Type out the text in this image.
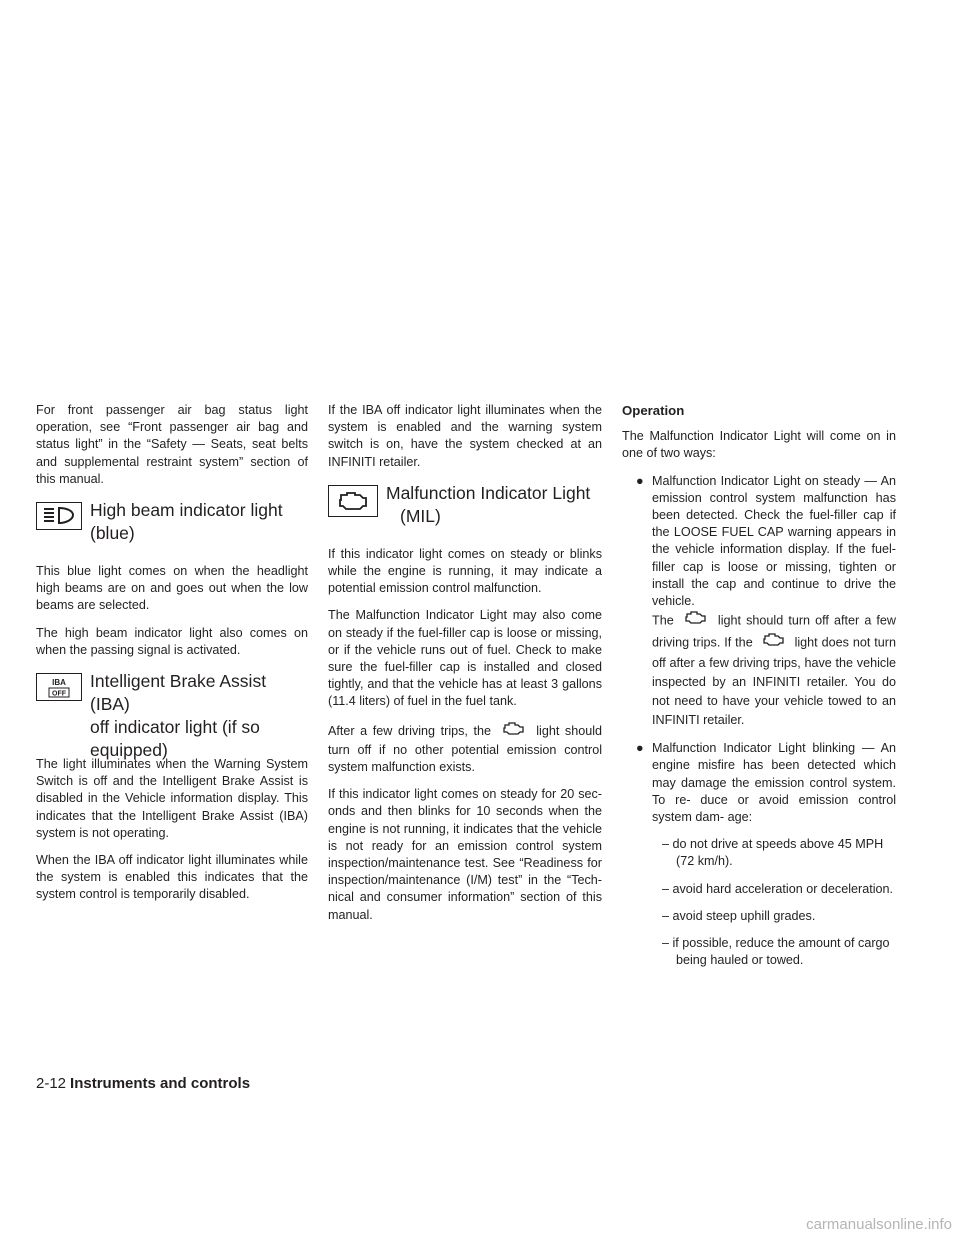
For front passenger air bag status light operation, see “Front passenger air bag and status light” in the “Safety — Seats, seat belts and supplemental restraint system” section of this manual.

High beam indicator light
(blue)

This blue light comes on when the headlight high beams are on and goes out when the low beams are selected.

The high beam indicator light also comes on when the passing signal is activated.

IBA
OFF
Intelligent Brake Assist (IBA)
off indicator light (if so
equipped)

The light illuminates when the Warning System Switch is off and the Intelligent Brake Assist is disabled in the Vehicle information display. This indicates that the Intelligent Brake Assist (IBA) system is not operating.

When the IBA off indicator light illuminates while the system is enabled this indicates that the system control is temporarily disabled.

If the IBA off indicator light illuminates when the system is enabled and the warning system switch is on, have the system checked at an INFINITI retailer.

Malfunction Indicator Light
(MIL)

If this indicator light comes on steady or blinks while the engine is running, it may indicate a potential emission control malfunction.

The Malfunction Indicator Light may also come on steady if the fuel-filler cap is loose or missing, or if the vehicle runs out of fuel. Check to make sure the fuel-filler cap is installed and closed tightly, and that the vehicle has at least 3 gallons (11.4 liters) of fuel in the fuel tank.

After a few driving trips, the	light should turn off if no other potential emission control system malfunction exists.

If this indicator light comes on steady for 20 sec- onds and then blinks for 10 seconds when the engine is not running, it indicates that the vehicle is not ready for an emission control system inspection/maintenance test. See “Readiness for inspection/maintenance (I/M) test” in the “Tech- nical and consumer information” section of this manual.

Operation

The Malfunction Indicator Light will come on in one of two ways:

● Malfunction Indicator Light on steady — An emission control system malfunction has been detected. Check the fuel-filler cap if the LOOSE FUEL CAP warning appears in the vehicle information display. If the fuel- filler cap is loose or missing, tighten or install the cap and continue to drive the vehicle.

The	light should turn off after a few driving trips. If the	light does not turn off after a few driving trips, have the vehicle inspected by an INFINITI retailer. You do not need to have your vehicle towed to an INFINITI retailer.

● Malfunction Indicator Light blinking — An engine misfire has been detected which may damage the emission control system. To re- duce or avoid emission control system dam- age:

– do not drive at speeds above 45 MPH (72 km/h).

– avoid hard acceleration or deceleration.

– avoid steep uphill grades.

– if possible, reduce the amount of cargo being hauled or towed.

2-12 Instruments and controls
carmanualsonline.info
